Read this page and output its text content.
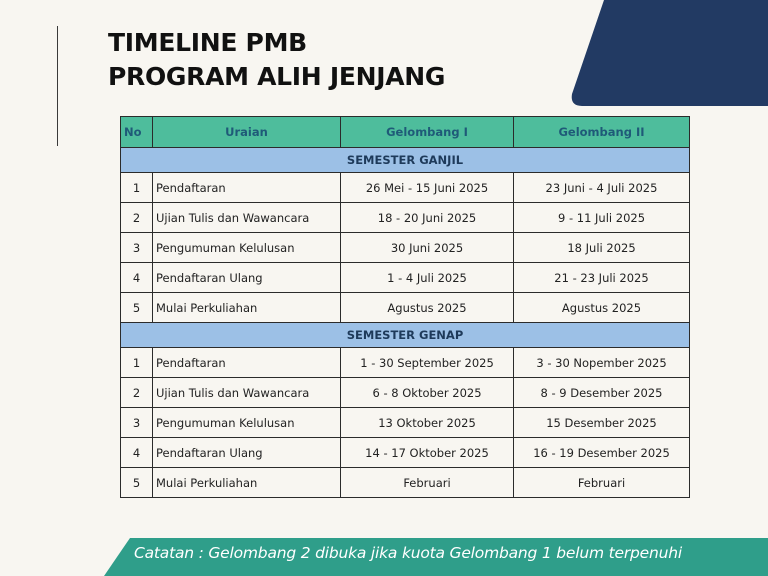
TIMELINE PMB
PROGRAM ALIH JENJANG
No	Uraian	Gelombang I	Gelombang II
SEMESTER GANJIL			
1	Pendaftaran	26 Mei - 15 Juni 2025	23 Juni - 4 Juli 2025
2	Ujian Tulis dan Wawancara	18 - 20 Juni 2025	9 - 11 Juli 2025
3	Pengumuman Kelulusan	30 Juni 2025	18 Juli 2025
4	Pendaftaran Ulang	1 - 4 Juli 2025	21 - 23 Juli 2025
5	Mulai Perkuliahan	Agustus 2025	Agustus 2025
SEMESTER GENAP			
1	Pendaftaran	1 - 30 September 2025	3 - 30 Nopember 2025
2	Ujian Tulis dan Wawancara	6 - 8 Oktober 2025	8 - 9 Desember 2025
3	Pengumuman Kelulusan	13 Oktober 2025	15 Desember 2025
4	Pendaftaran Ulang	14 - 17 Oktober 2025	16 - 19 Desember 2025
5	Mulai Perkuliahan	Februari	Februari

Catatan : Gelombang 2 dibuka jika kuota Gelombang 1 belum terpenuhi
